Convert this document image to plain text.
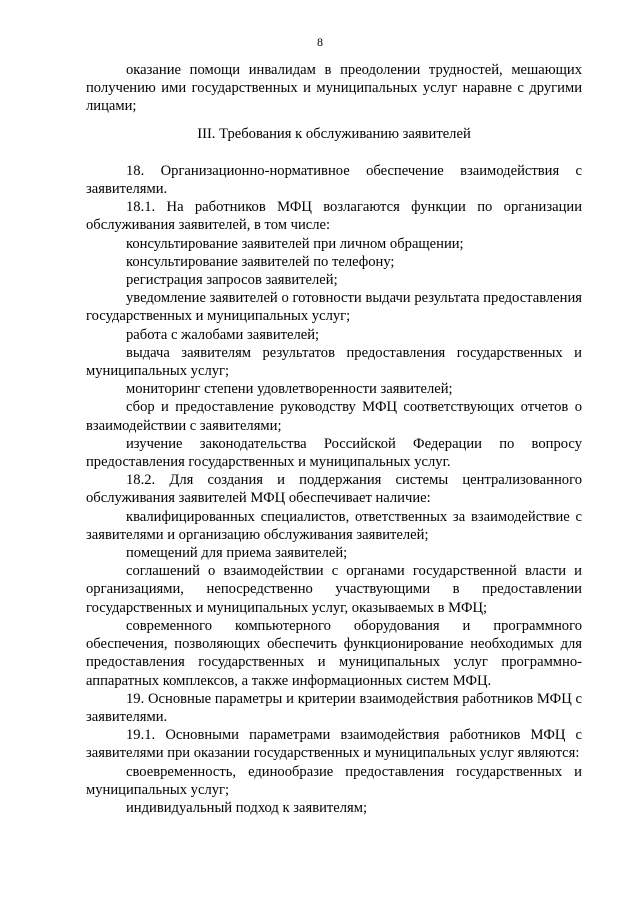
8

оказание помощи инвалидам в преодолении трудностей, мешающих получению ими государственных и муниципальных услуг наравне с другими лицами;

III. Требования к обслуживанию заявителей

18. Организационно-нормативное обеспечение взаимодействия с заявителями.

18.1. На работников МФЦ возлагаются функции по организации обслуживания заявителей, в том числе:

консультирование заявителей при личном обращении;

консультирование заявителей по телефону;

регистрация запросов заявителей;

уведомление заявителей о готовности выдачи результата предоставления государственных и муниципальных услуг;

работа с жалобами заявителей;

выдача заявителям результатов предоставления государственных и муниципальных услуг;

мониторинг степени удовлетворенности заявителей;

сбор и предоставление руководству МФЦ соответствующих отчетов о взаимодействии с заявителями;

изучение законодательства Российской Федерации по вопросу предоставления государственных и муниципальных услуг.

18.2. Для создания и поддержания системы централизованного обслуживания заявителей МФЦ обеспечивает наличие:

квалифицированных специалистов, ответственных за взаимодействие с заявителями и организацию обслуживания заявителей;

помещений для приема заявителей;

соглашений о взаимодействии с органами государственной власти и организациями, непосредственно участвующими в предоставлении государственных и муниципальных услуг, оказываемых в МФЦ;

современного компьютерного оборудования и программного обеспечения, позволяющих обеспечить функционирование необходимых для предоставления государственных и муниципальных услуг программно-аппаратных комплексов, а также информационных систем МФЦ.

19. Основные параметры и критерии взаимодействия работников МФЦ с заявителями.

19.1. Основными параметрами взаимодействия работников МФЦ с заявителями при оказании государственных и муниципальных услуг являются:

своевременность, единообразие предоставления государственных и муниципальных услуг;

индивидуальный подход к заявителям;
